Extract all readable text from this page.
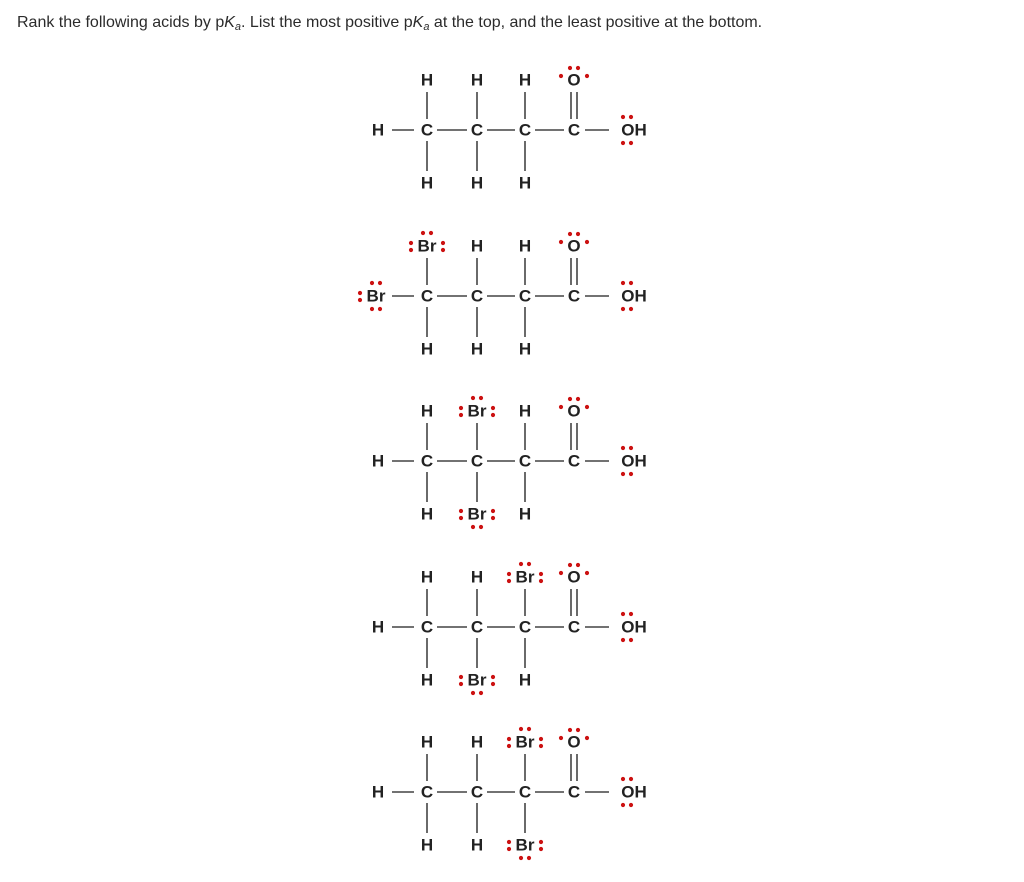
Rank the following acids by $pK_a$. List the most positive $pK_a$ at the top, and the least positive at the bottom.
H C C C C OH
O
H
H
H
H
H
H
Br C C C C OH
O
Br
H
H
H
H
H
H C C C C OH
O
H
H
Br
Br
H
H
H C C C C OH
O
H
H
H
Br
Br
H
H C C C C OH
O
H
H
H
H
Br
Br
